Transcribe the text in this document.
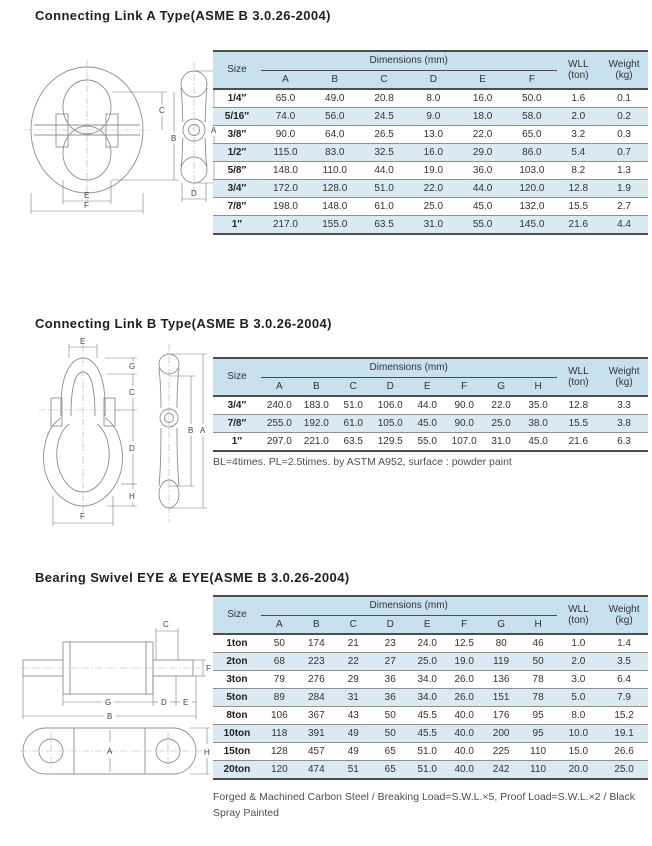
Connecting Link A Type(ASME B 3.0.26-2004)
C
B
E
F
A
D
Size	Dimensions (mm)						WLL
(ton)	Weight
(kg)
	A	B	C	D	E	F		
1/4″	65.0	49.0	20.8	8.0	16.0	50.0	1.6	0.1
5/16″	74.0	56.0	24.5	9.0	18.0	58.0	2.0	0.2
3/8″	90.0	64.0	26.5	13.0	22.0	65.0	3.2	0.3
1/2″	115.0	83.0	32.5	16.0	29.0	86.0	5.4	0.7
5/8″	148.0	110.0	44.0	19.0	36.0	103.0	8.2	1.3
3/4″	172.0	128.0	51.0	22.0	44.0	120.0	12.8	1.9
7/8″	198.0	148.0	61.0	25.0	45.0	132.0	15.5	2.7
1″	217.0	155.0	63.5	31.0	55.0	145.0	21.6	4.4
Connecting Link B Type(ASME B 3.0.26-2004)
E
G
C
D
H
F
B A
Size	Dimensions (mm)								WLL
(ton)	Weight
(kg)
	A	B	C	D	E	F	G	H		
3/4″	240.0	183.0	51.0	106.0	44.0	90.0	22.0	35.0	12.8	3.3
7/8″	255.0	192.0	61.0	105.0	45.0	90.0	25.0	38.0	15.5	3.8
1″	297.0	221.0	63.5	129.5	55.0	107.0	31.0	45.0	21.6	6.3
BL=4times. PL=2.5times. by ASTM A952, surface : powder paint
Bearing Swivel EYE & EYE(ASME B 3.0.26-2004)
C
F
G	D E
B
A	H
Size	Dimensions (mm)								WLL
(ton)	Weight
(kg)
	A	B	C	D	E	F	G	H		
1ton	50	174	21	23	24.0	12.5	80	46	1.0	1.4
2ton	68	223	22	27	25.0	19.0	119	50	2.0	3.5
3ton	79	276	29	36	34.0	26.0	136	78	3.0	6.4
5ton	89	284	31	36	34.0	26.0	151	78	5.0	7.9
8ton	106	367	43	50	45.5	40.0	176	95	8.0	15.2
10ton	118	391	49	50	45.5	40.0	200	95	10.0	19.1
15ton	128	457	49	65	51.0	40.0	225	110	15.0	26.6
20ton	120	474	51	65	51.0	40.0	242	110	20.0	25.0
Forged & Machined Carbon Steel / Breaking Load=S.W.L.×5, Proof Load=S.W.L.×2 / Black Spray Painted
